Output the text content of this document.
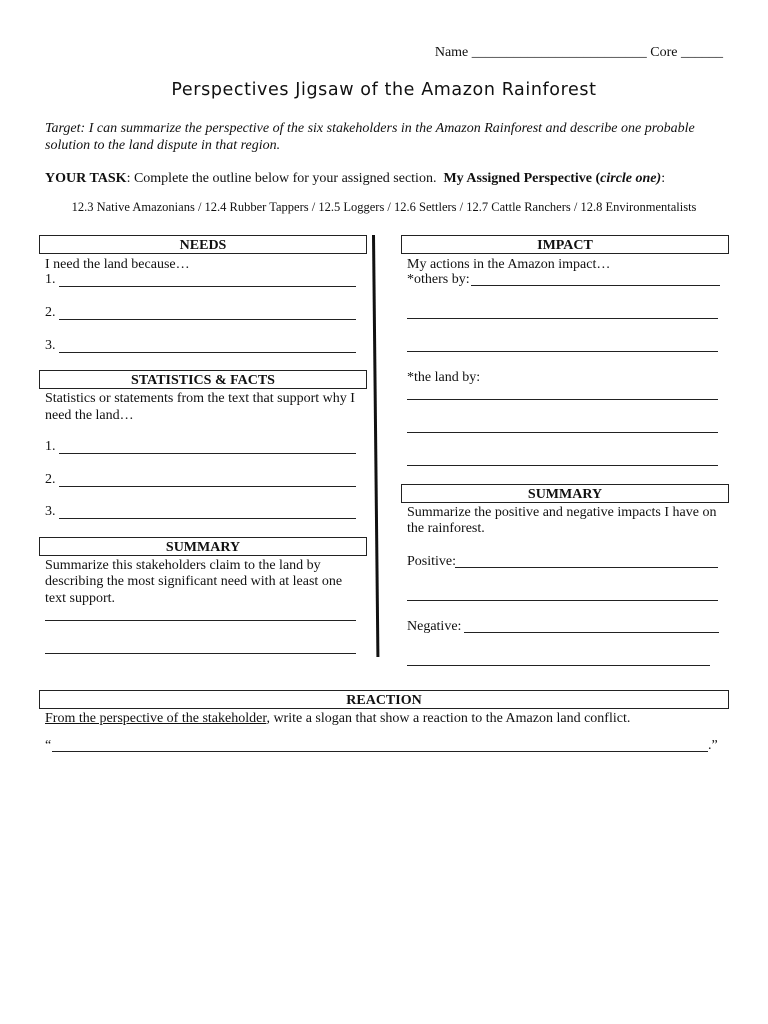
Name _________________________ Core ______
Perspectives Jigsaw of the Amazon Rainforest
Target: I can summarize the perspective of the six stakeholders in the Amazon Rainforest and describe one probable solution to the land dispute in that region.
YOUR TASK: Complete the outline below for your assigned section. My Assigned Perspective (circle one):
12.3 Native Amazonians / 12.4 Rubber Tappers / 12.5 Loggers / 12.6 Settlers / 12.7 Cattle Ranchers / 12.8 Environmentalists
NEEDS
I need the land because…
1.
2.
3.
STATISTICS & FACTS
Statistics or statements from the text that support why I
need the land…
1.
2.
3.
SUMMARY
Summarize this stakeholders claim to the land by
describing the most significant need with at least one
text support.
IMPACT
My actions in the Amazon impact…
*others by:
*the land by:
SUMMARY
Summarize the positive and negative impacts I have on
the rainforest.
Positive:
Negative:
REACTION
From the perspective of the stakeholder, write a slogan that show a reaction to the Amazon land conflict.
“	.”
